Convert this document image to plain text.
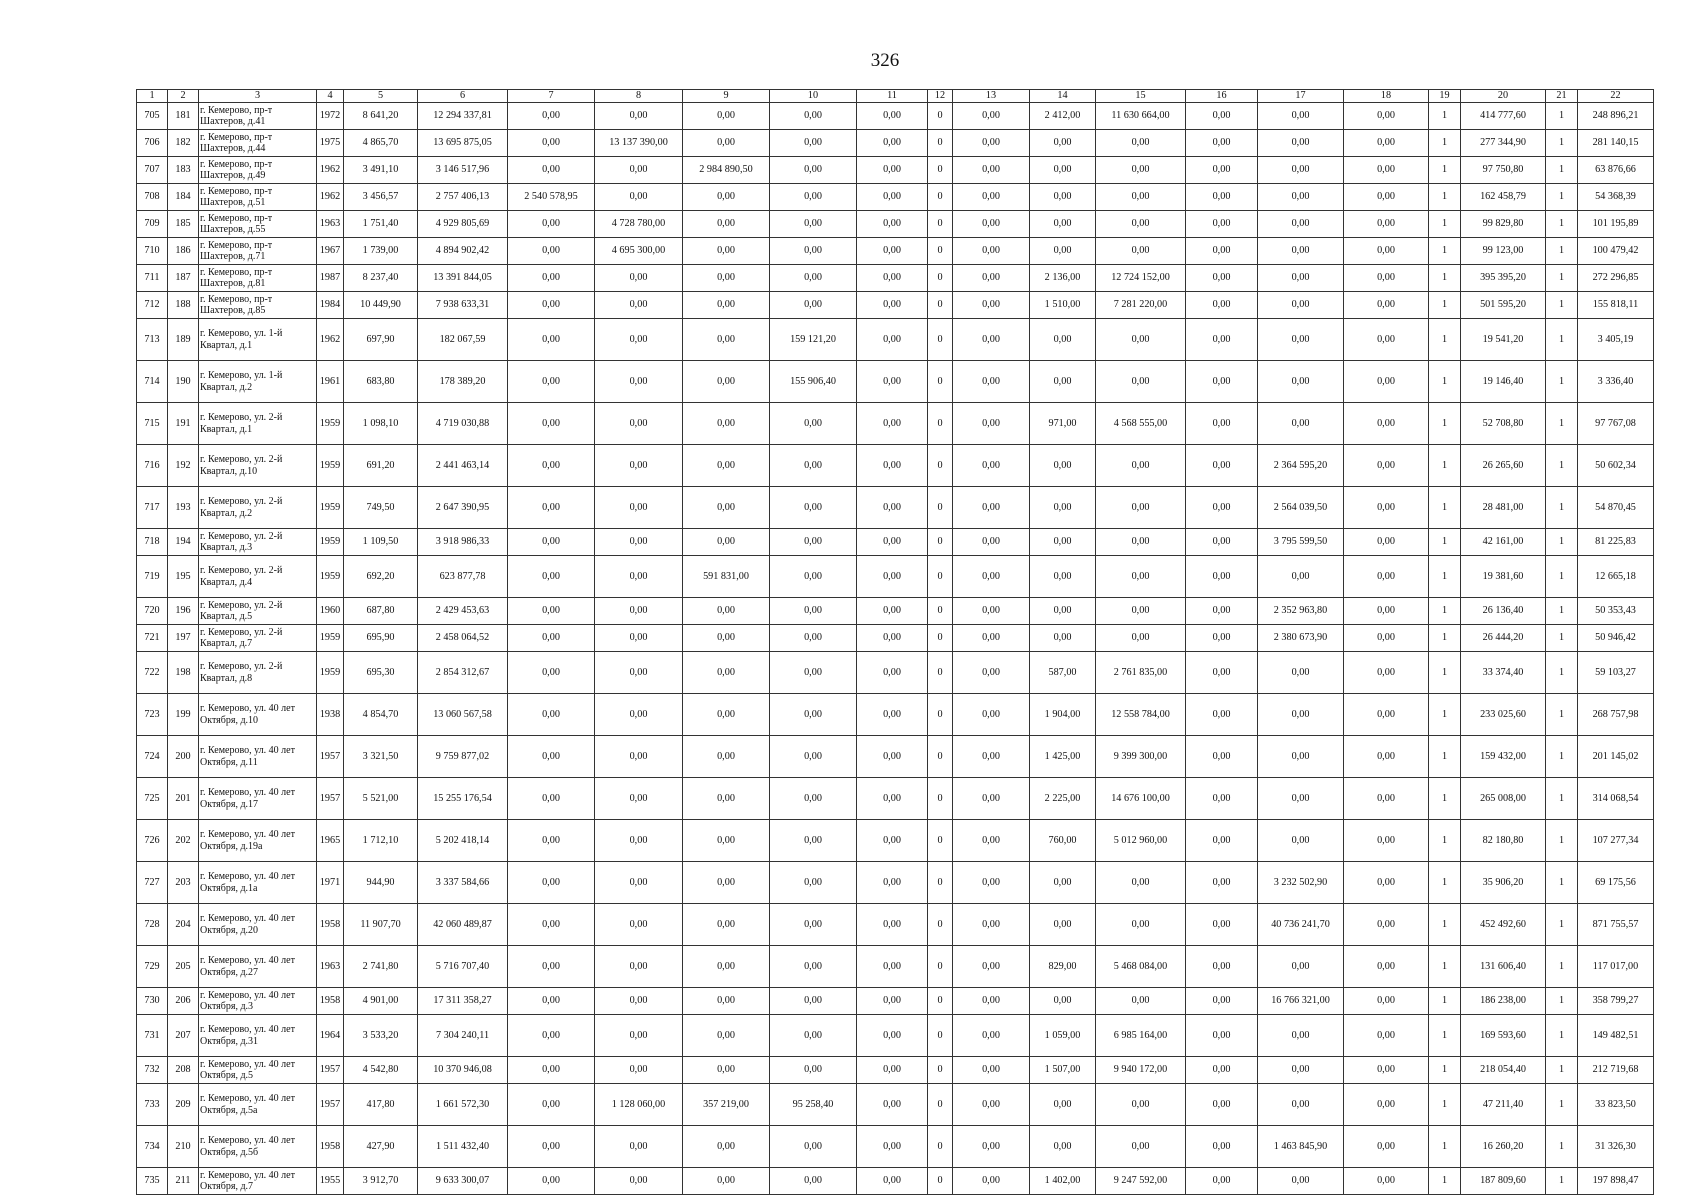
326
1	2	3	4	5	6	7	8	9	10	11	12	13	14	15	16	17	18	19	20	21	22
705	181	г. Кемерово, пр-т Шахтеров, д.41	1972	8 641,20	12 294 337,81	0,00	0,00	0,00	0,00	0,00	0	0,00	2 412,00	11 630 664,00	0,00	0,00	0,00	1	414 777,60	1	248 896,21
706	182	г. Кемерово, пр-т Шахтеров, д.44	1975	4 865,70	13 695 875,05	0,00	13 137 390,00	0,00	0,00	0,00	0	0,00	0,00	0,00	0,00	0,00	0,00	1	277 344,90	1	281 140,15
707	183	г. Кемерово, пр-т Шахтеров, д.49	1962	3 491,10	3 146 517,96	0,00	0,00	2 984 890,50	0,00	0,00	0	0,00	0,00	0,00	0,00	0,00	0,00	1	97 750,80	1	63 876,66
708	184	г. Кемерово, пр-т Шахтеров, д.51	1962	3 456,57	2 757 406,13	2 540 578,95	0,00	0,00	0,00	0,00	0	0,00	0,00	0,00	0,00	0,00	0,00	1	162 458,79	1	54 368,39
709	185	г. Кемерово, пр-т Шахтеров, д.55	1963	1 751,40	4 929 805,69	0,00	4 728 780,00	0,00	0,00	0,00	0	0,00	0,00	0,00	0,00	0,00	0,00	1	99 829,80	1	101 195,89
710	186	г. Кемерово, пр-т Шахтеров, д.71	1967	1 739,00	4 894 902,42	0,00	4 695 300,00	0,00	0,00	0,00	0	0,00	0,00	0,00	0,00	0,00	0,00	1	99 123,00	1	100 479,42
711	187	г. Кемерово, пр-т Шахтеров, д.81	1987	8 237,40	13 391 844,05	0,00	0,00	0,00	0,00	0,00	0	0,00	2 136,00	12 724 152,00	0,00	0,00	0,00	1	395 395,20	1	272 296,85
712	188	г. Кемерово, пр-т Шахтеров, д.85	1984	10 449,90	7 938 633,31	0,00	0,00	0,00	0,00	0,00	0	0,00	1 510,00	7 281 220,00	0,00	0,00	0,00	1	501 595,20	1	155 818,11
713	189	г. Кемерово, ул. 1-й Квартал, д.1	1962	697,90	182 067,59	0,00	0,00	0,00	159 121,20	0,00	0	0,00	0,00	0,00	0,00	0,00	0,00	1	19 541,20	1	3 405,19
714	190	г. Кемерово, ул. 1-й Квартал, д.2	1961	683,80	178 389,20	0,00	0,00	0,00	155 906,40	0,00	0	0,00	0,00	0,00	0,00	0,00	0,00	1	19 146,40	1	3 336,40
715	191	г. Кемерово, ул. 2-й Квартал, д.1	1959	1 098,10	4 719 030,88	0,00	0,00	0,00	0,00	0,00	0	0,00	971,00	4 568 555,00	0,00	0,00	0,00	1	52 708,80	1	97 767,08
716	192	г. Кемерово, ул. 2-й Квартал, д.10	1959	691,20	2 441 463,14	0,00	0,00	0,00	0,00	0,00	0	0,00	0,00	0,00	0,00	2 364 595,20	0,00	1	26 265,60	1	50 602,34
717	193	г. Кемерово, ул. 2-й Квартал, д.2	1959	749,50	2 647 390,95	0,00	0,00	0,00	0,00	0,00	0	0,00	0,00	0,00	0,00	2 564 039,50	0,00	1	28 481,00	1	54 870,45
718	194	г. Кемерово, ул. 2-й Квартал, д.3	1959	1 109,50	3 918 986,33	0,00	0,00	0,00	0,00	0,00	0	0,00	0,00	0,00	0,00	3 795 599,50	0,00	1	42 161,00	1	81 225,83
719	195	г. Кемерово, ул. 2-й Квартал, д.4	1959	692,20	623 877,78	0,00	0,00	591 831,00	0,00	0,00	0	0,00	0,00	0,00	0,00	0,00	0,00	1	19 381,60	1	12 665,18
720	196	г. Кемерово, ул. 2-й Квартал, д.5	1960	687,80	2 429 453,63	0,00	0,00	0,00	0,00	0,00	0	0,00	0,00	0,00	0,00	2 352 963,80	0,00	1	26 136,40	1	50 353,43
721	197	г. Кемерово, ул. 2-й Квартал, д.7	1959	695,90	2 458 064,52	0,00	0,00	0,00	0,00	0,00	0	0,00	0,00	0,00	0,00	2 380 673,90	0,00	1	26 444,20	1	50 946,42
722	198	г. Кемерово, ул. 2-й Квартал, д.8	1959	695,30	2 854 312,67	0,00	0,00	0,00	0,00	0,00	0	0,00	587,00	2 761 835,00	0,00	0,00	0,00	1	33 374,40	1	59 103,27
723	199	г. Кемерово, ул. 40 лет Октября, д.10	1938	4 854,70	13 060 567,58	0,00	0,00	0,00	0,00	0,00	0	0,00	1 904,00	12 558 784,00	0,00	0,00	0,00	1	233 025,60	1	268 757,98
724	200	г. Кемерово, ул. 40 лет Октября, д.11	1957	3 321,50	9 759 877,02	0,00	0,00	0,00	0,00	0,00	0	0,00	1 425,00	9 399 300,00	0,00	0,00	0,00	1	159 432,00	1	201 145,02
725	201	г. Кемерово, ул. 40 лет Октября, д.17	1957	5 521,00	15 255 176,54	0,00	0,00	0,00	0,00	0,00	0	0,00	2 225,00	14 676 100,00	0,00	0,00	0,00	1	265 008,00	1	314 068,54
726	202	г. Кемерово, ул. 40 лет Октября, д.19а	1965	1 712,10	5 202 418,14	0,00	0,00	0,00	0,00	0,00	0	0,00	760,00	5 012 960,00	0,00	0,00	0,00	1	82 180,80	1	107 277,34
727	203	г. Кемерово, ул. 40 лет Октября, д.1а	1971	944,90	3 337 584,66	0,00	0,00	0,00	0,00	0,00	0	0,00	0,00	0,00	0,00	3 232 502,90	0,00	1	35 906,20	1	69 175,56
728	204	г. Кемерово, ул. 40 лет Октября, д.20	1958	11 907,70	42 060 489,87	0,00	0,00	0,00	0,00	0,00	0	0,00	0,00	0,00	0,00	40 736 241,70	0,00	1	452 492,60	1	871 755,57
729	205	г. Кемерово, ул. 40 лет Октября, д.27	1963	2 741,80	5 716 707,40	0,00	0,00	0,00	0,00	0,00	0	0,00	829,00	5 468 084,00	0,00	0,00	0,00	1	131 606,40	1	117 017,00
730	206	г. Кемерово, ул. 40 лет Октября, д.3	1958	4 901,00	17 311 358,27	0,00	0,00	0,00	0,00	0,00	0	0,00	0,00	0,00	0,00	16 766 321,00	0,00	1	186 238,00	1	358 799,27
731	207	г. Кемерово, ул. 40 лет Октября, д.31	1964	3 533,20	7 304 240,11	0,00	0,00	0,00	0,00	0,00	0	0,00	1 059,00	6 985 164,00	0,00	0,00	0,00	1	169 593,60	1	149 482,51
732	208	г. Кемерово, ул. 40 лет Октября, д.5	1957	4 542,80	10 370 946,08	0,00	0,00	0,00	0,00	0,00	0	0,00	1 507,00	9 940 172,00	0,00	0,00	0,00	1	218 054,40	1	212 719,68
733	209	г. Кемерово, ул. 40 лет Октября, д.5а	1957	417,80	1 661 572,30	0,00	1 128 060,00	357 219,00	95 258,40	0,00	0	0,00	0,00	0,00	0,00	0,00	0,00	1	47 211,40	1	33 823,50
734	210	г. Кемерово, ул. 40 лет Октября, д.5б	1958	427,90	1 511 432,40	0,00	0,00	0,00	0,00	0,00	0	0,00	0,00	0,00	0,00	1 463 845,90	0,00	1	16 260,20	1	31 326,30
735	211	г. Кемерово, ул. 40 лет Октября, д.7	1955	3 912,70	9 633 300,07	0,00	0,00	0,00	0,00	0,00	0	0,00	1 402,00	9 247 592,00	0,00	0,00	0,00	1	187 809,60	1	197 898,47
